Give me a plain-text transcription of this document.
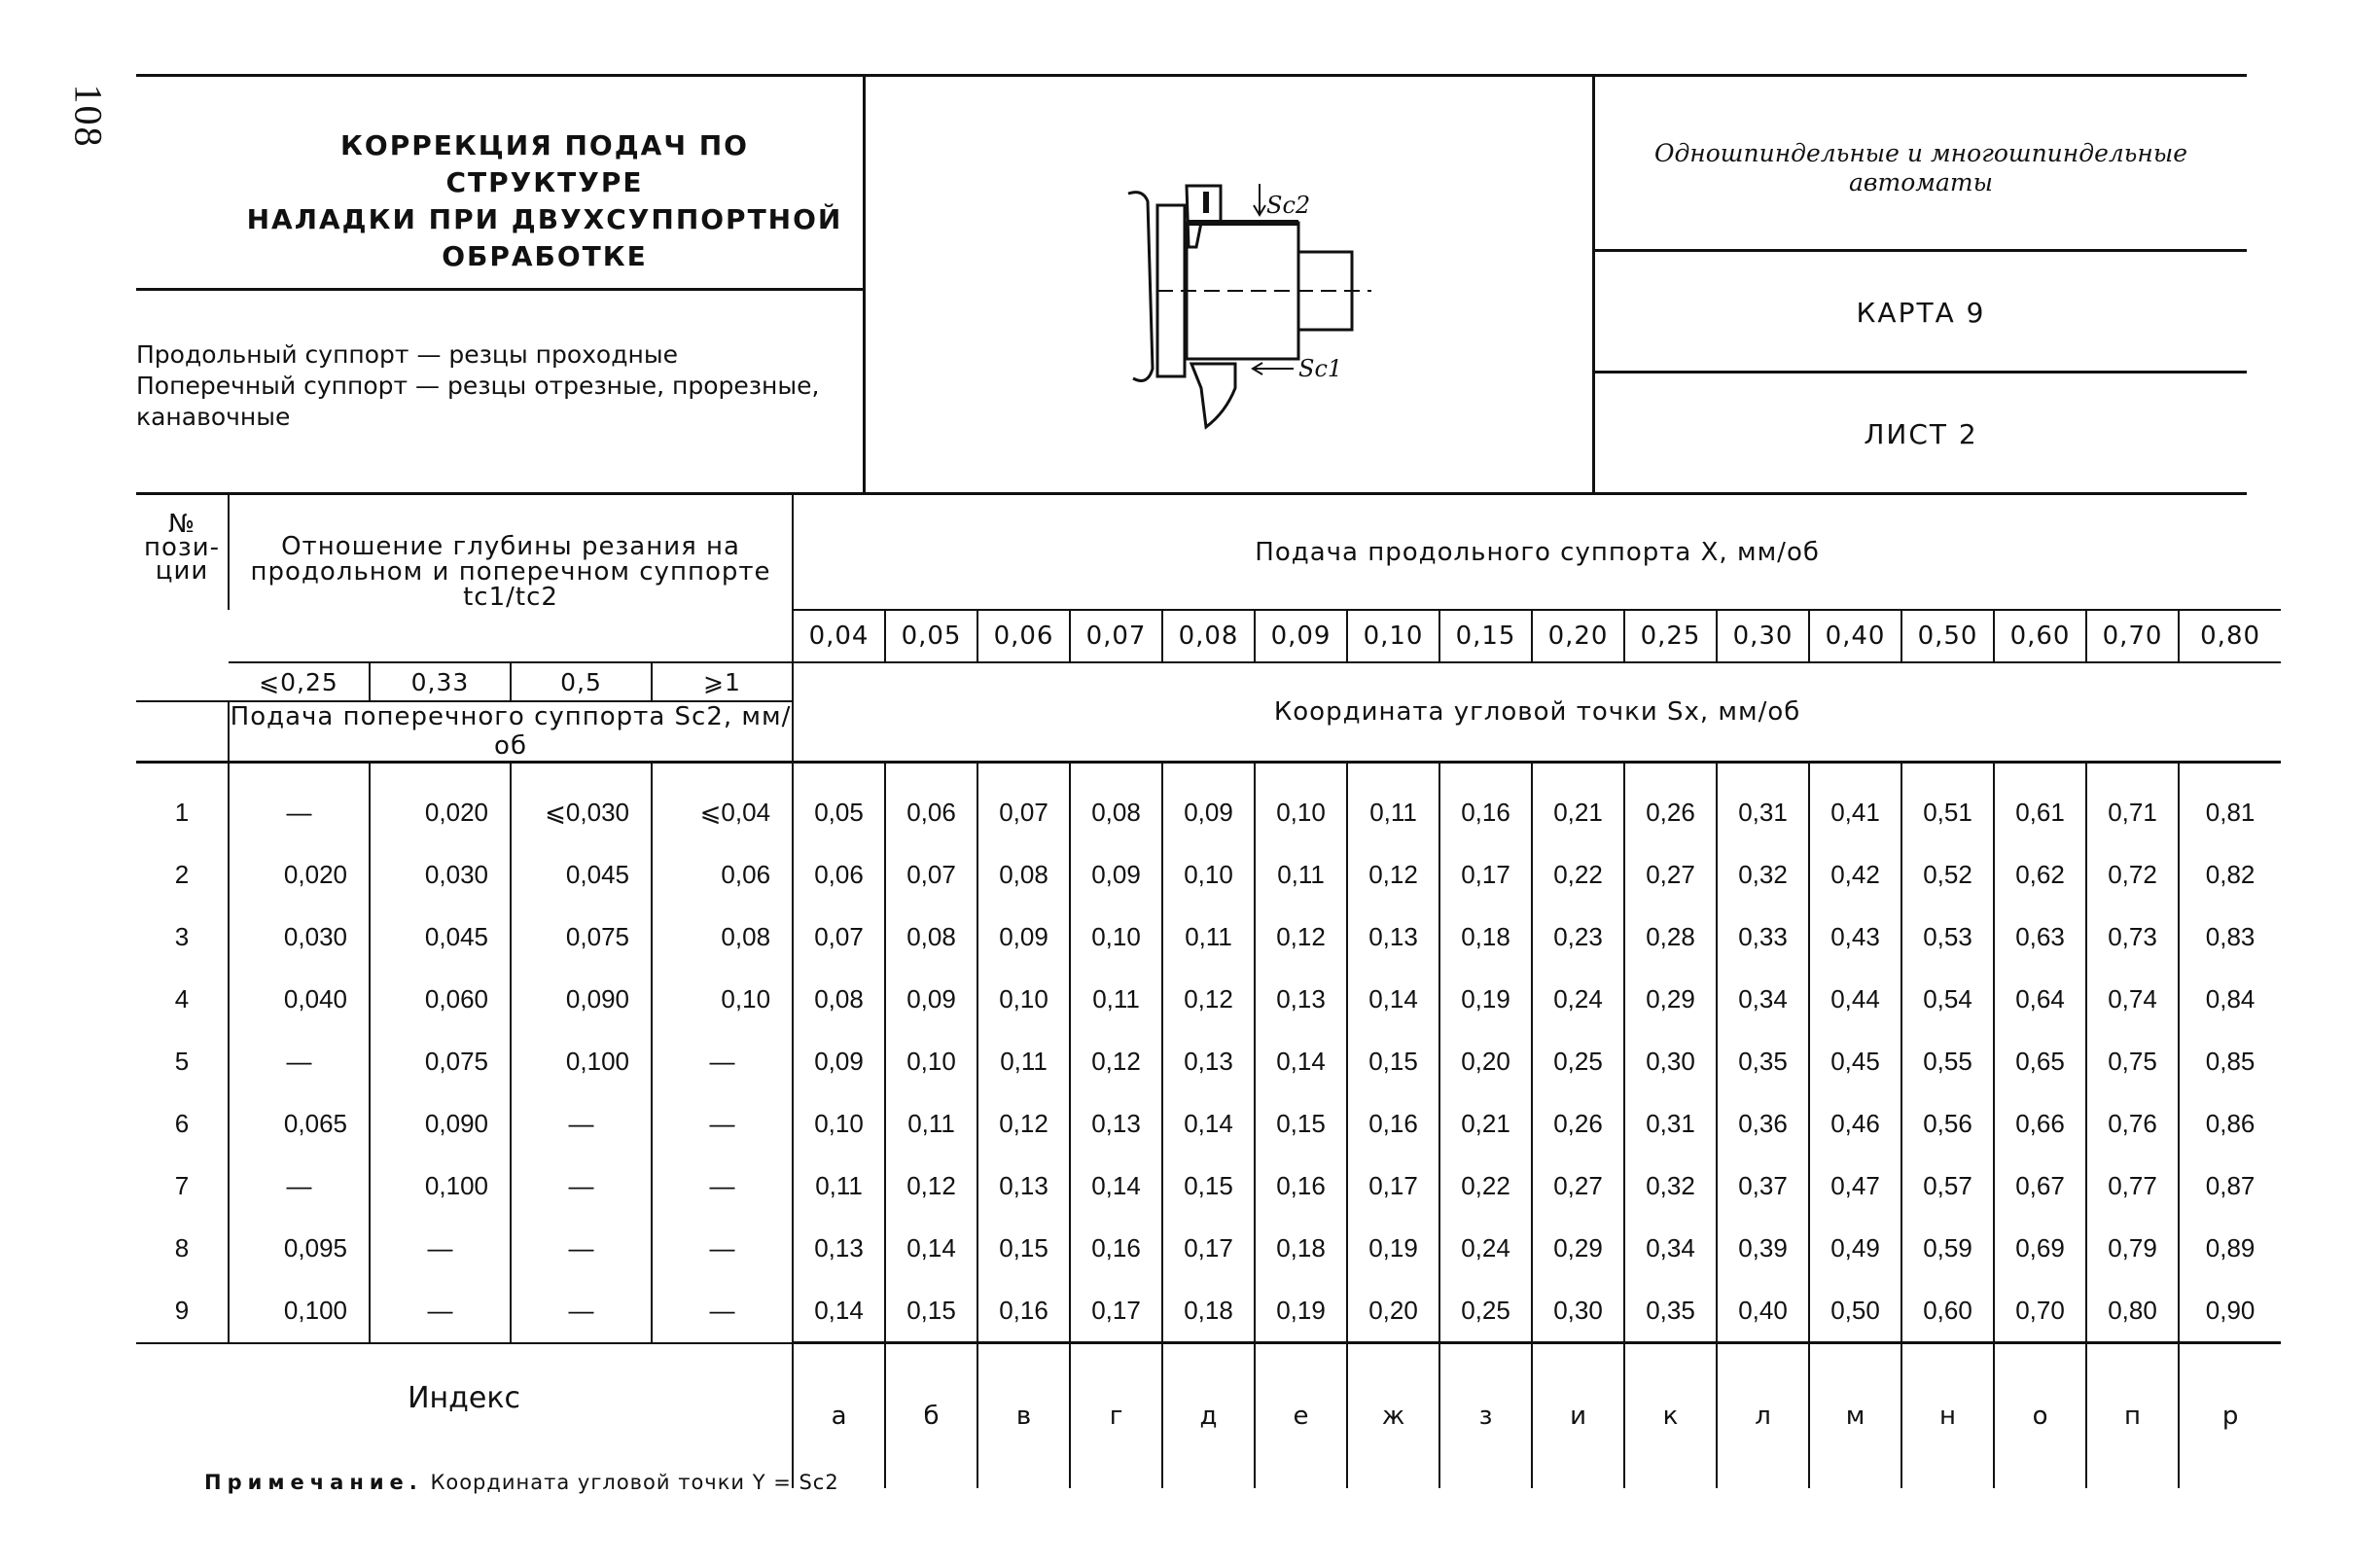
108	КОРРЕКЦИЯ ПОДАЧ ПО СТРУКТУРЕ
НАЛАДКИ ПРИ ДВУХСУППОРТНОЙ
ОБРАБОТКЕ
Продольный суппорт — резцы проходные
Поперечный суппорт — резцы отрезные, прорезные,
канавочные
Sc2
Sc1
Одношпиндельные и многошпиндельные
автоматы
КАРТА 9
ЛИСТ 2
№ пози-ции	Отношение глубины резания на продольном и поперечном суппорте tc1/tc2				Подача продольного суппорта X, мм/об															
					0,04	0,05	0,06	0,07	0,08	0,09	0,10	0,15	0,20	0,25	0,30	0,40	0,50	0,60	0,70	0,80
	⩽0,25	0,33	0,5	⩾1	Координата угловой точки Sx, мм/об															
	Подача поперечного суппорта Sc2, мм/об																			
1	—	0,020	⩽0,030	⩽0,04	0,05	0,06	0,07	0,08	0,09	0,10	0,11	0,16	0,21	0,26	0,31	0,41	0,51	0,61	0,71	0,81
2	0,020	0,030	0,045	0,06	0,06	0,07	0,08	0,09	0,10	0,11	0,12	0,17	0,22	0,27	0,32	0,42	0,52	0,62	0,72	0,82
3	0,030	0,045	0,075	0,08	0,07	0,08	0,09	0,10	0,11	0,12	0,13	0,18	0,23	0,28	0,33	0,43	0,53	0,63	0,73	0,83
4	0,040	0,060	0,090	0,10	0,08	0,09	0,10	0,11	0,12	0,13	0,14	0,19	0,24	0,29	0,34	0,44	0,54	0,64	0,74	0,84
5	—	0,075	0,100	—	0,09	0,10	0,11	0,12	0,13	0,14	0,15	0,20	0,25	0,30	0,35	0,45	0,55	0,65	0,75	0,85
6	0,065	0,090	—	—	0,10	0,11	0,12	0,13	0,14	0,15	0,16	0,21	0,26	0,31	0,36	0,46	0,56	0,66	0,76	0,86
7	—	0,100	—	—	0,11	0,12	0,13	0,14	0,15	0,16	0,17	0,22	0,27	0,32	0,37	0,47	0,57	0,67	0,77	0,87
8	0,095	—	—	—	0,13	0,14	0,15	0,16	0,17	0,18	0,19	0,24	0,29	0,34	0,39	0,49	0,59	0,69	0,79	0,89
9	0,100	—	—	—	0,14	0,15	0,16	0,17	0,18	0,19	0,20	0,25	0,30	0,35	0,40	0,50	0,60	0,70	0,80	0,90
Индекс					а	б	в	г	д	е	ж	з	и	к	л	м	н	о	п	р
Примечание. Координата угловой точки Y = Sc2
